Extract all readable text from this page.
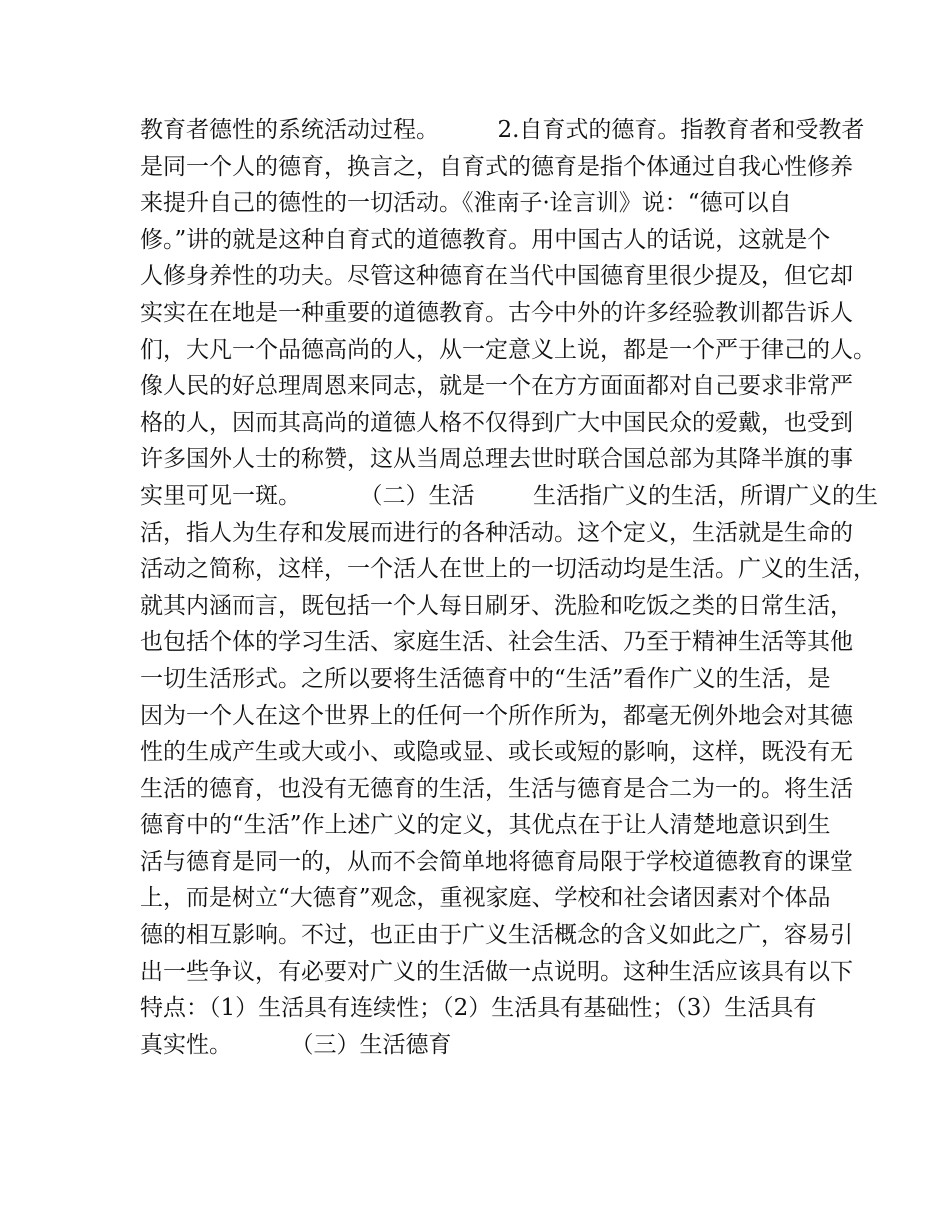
教育者德性的系统活动过程。        2.自育式的德育。指教育者和受教者
是同一个人的德育，换言之，自育式的德育是指个体通过自我心性修养
来提升自己的德性的一切活动。《淮南子·诠言训》说：“德可以自
修。”讲的就是这种自育式的道德教育。用中国古人的话说，这就是个
人修身养性的功夫。尽管这种德育在当代中国德育里很少提及，但它却
实实在在地是一种重要的道德教育。古今中外的许多经验教训都告诉人
们，大凡一个品德高尚的人，从一定意义上说，都是一个严于律己的人。
像人民的好总理周恩来同志，就是一个在方方面面都对自己要求非常严
格的人，因而其高尚的道德人格不仅得到广大中国民众的爱戴，也受到
许多国外人士的称赞，这从当周总理去世时联合国总部为其降半旗的事
实里可见一斑。        （二）生活        生活指广义的生活，所谓广义的生
活，指人为生存和发展而进行的各种活动。这个定义，生活就是生命的
活动之简称，这样，一个活人在世上的一切活动均是生活。广义的生活，
就其内涵而言，既包括一个人每日刷牙、洗脸和吃饭之类的日常生活，
也包括个体的学习生活、家庭生活、社会生活、乃至于精神生活等其他
一切生活形式。之所以要将生活德育中的“生活”看作广义的生活，是
因为一个人在这个世界上的任何一个所作所为，都毫无例外地会对其德
性的生成产生或大或小、或隐或显、或长或短的影响，这样，既没有无
生活的德育，也没有无德育的生活，生活与德育是合二为一的。将生活
德育中的“生活”作上述广义的定义，其优点在于让人清楚地意识到生
活与德育是同一的，从而不会简单地将德育局限于学校道德教育的课堂
上，而是树立“大德育”观念，重视家庭、学校和社会诸因素对个体品
德的相互影响。不过，也正由于广义生活概念的含义如此之广，容易引
出一些争议，有必要对广义的生活做一点说明。这种生活应该具有以下
特点：（1）生活具有连续性；（2）生活具有基础性；（3）生活具有
真实性。        （三）生活德育
